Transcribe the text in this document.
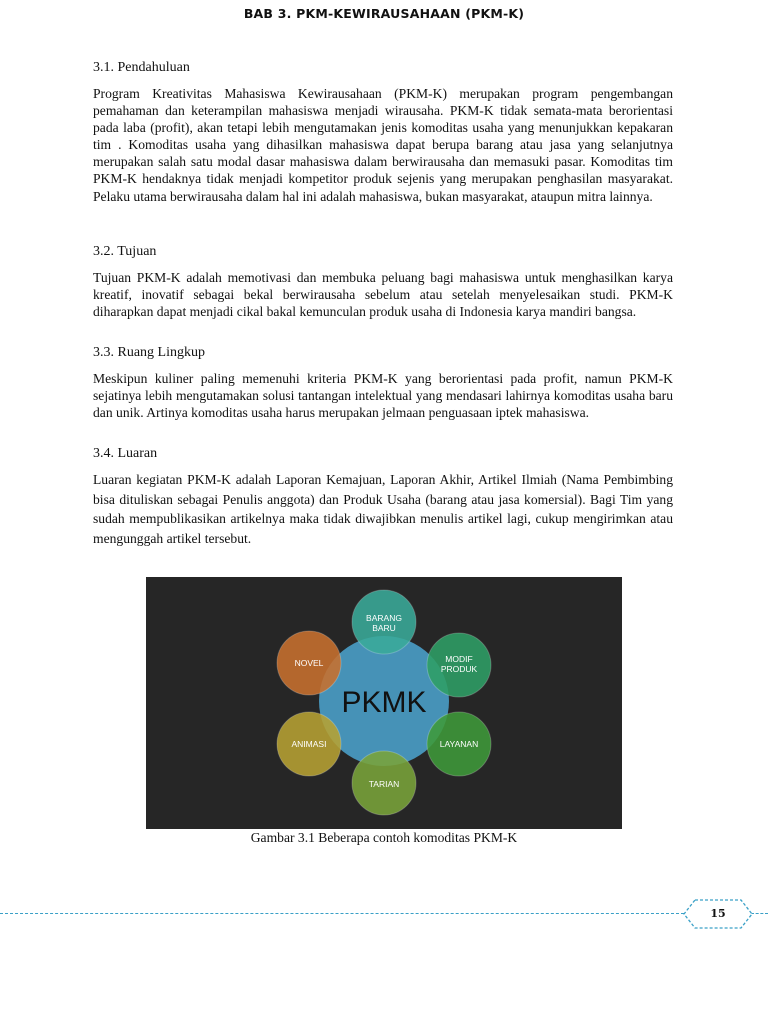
BAB 3. PKM-KEWIRAUSAHAAN (PKM-K)

3.1. Pendahuluan

Program Kreativitas Mahasiswa Kewirausahaan (PKM-K) merupakan program pengembangan pemahaman dan keterampilan mahasiswa menjadi wirausaha. PKM-K tidak semata-mata berorientasi pada laba (profit), akan tetapi lebih mengutamakan jenis komoditas usaha yang menunjukkan kepakaran tim . Komoditas usaha yang dihasilkan mahasiswa dapat berupa barang atau jasa yang selanjutnya merupakan salah satu modal dasar mahasiswa dalam berwirausaha dan memasuki pasar. Komoditas tim PKM-K hendaknya tidak menjadi kompetitor produk sejenis yang merupakan penghasilan masyarakat. Pelaku utama berwirausaha dalam hal ini adalah mahasiswa, bukan masyarakat, ataupun mitra lainnya.

3.2. Tujuan

Tujuan PKM-K adalah memotivasi dan membuka peluang bagi mahasiswa untuk menghasilkan karya kreatif, inovatif sebagai bekal berwirausaha sebelum atau setelah menyelesaikan studi. PKM-K diharapkan dapat menjadi cikal bakal kemunculan produk usaha di Indonesia karya mandiri bangsa.

3.3. Ruang Lingkup

Meskipun kuliner paling memenuhi kriteria PKM-K yang berorientasi pada profit, namun PKM-K sejatinya lebih mengutamakan solusi tantangan intelektual yang mendasari lahirnya komoditas usaha baru dan unik. Artinya komoditas usaha harus merupakan jelmaan penguasaan iptek mahasiswa.

3.4. Luaran

Luaran kegiatan PKM-K adalah Laporan Kemajuan, Laporan Akhir, Artikel Ilmiah (Nama Pembimbing bisa dituliskan sebagai Penulis anggota) dan Produk Usaha (barang atau jasa komersial). Bagi Tim yang sudah mempublikasikan artikelnya maka tidak diwajibkan menulis artikel lagi, cukup mengirimkan atau mengunggah artikel tersebut.

BARANG
BARU
MODIF
PRODUK
LAYANAN
TARIAN
ANIMASI
NOVEL
PKMK
Gambar 3.1 Beberapa contoh komoditas PKM-K
15
